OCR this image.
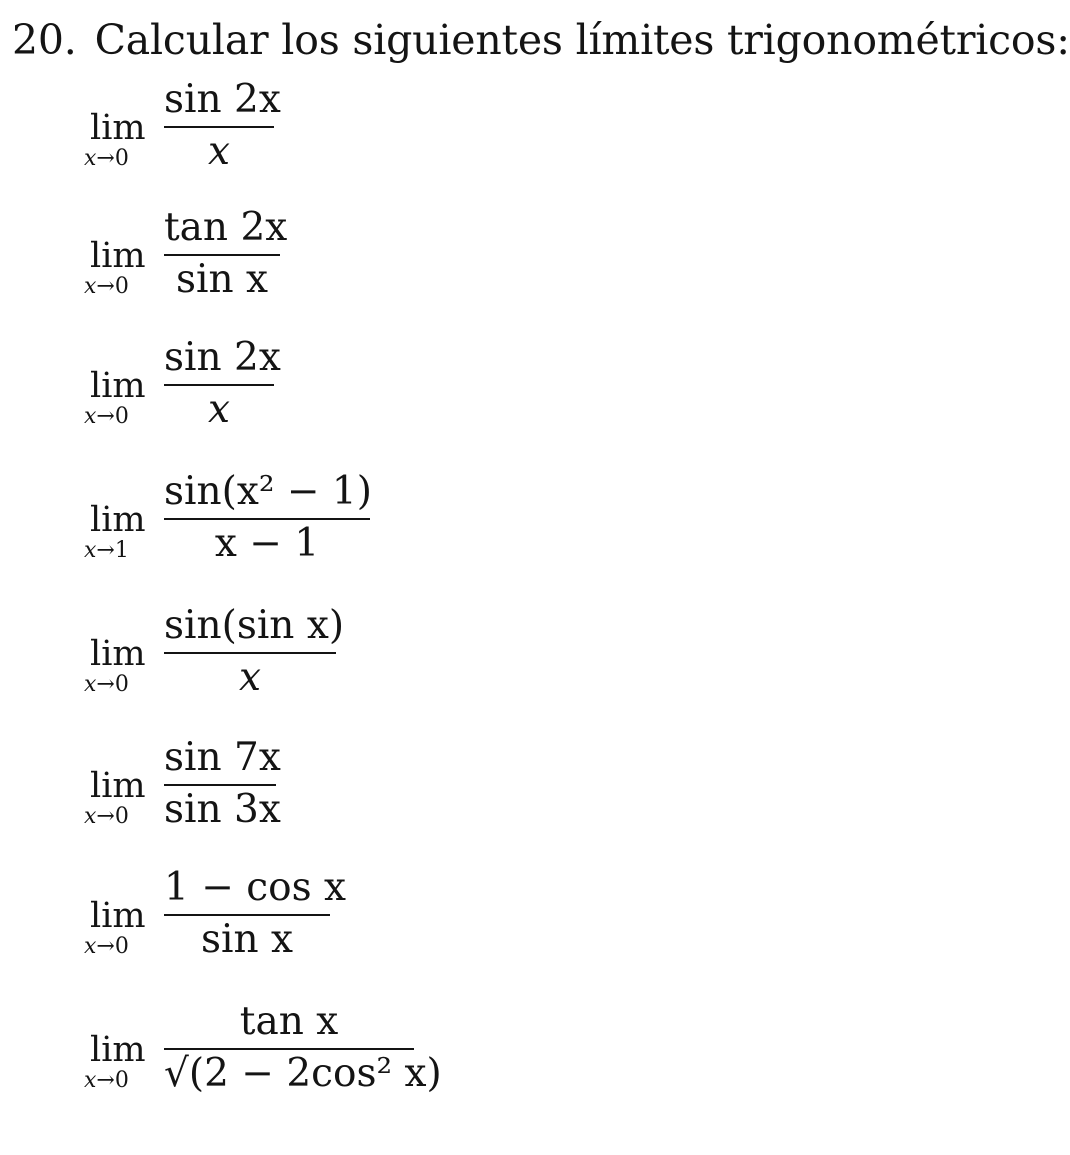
20. Calcular los siguientes límites trigonométricos:
lim
x→0
sin 2x
x
lim
x→0
tan 2x
sin x
lim
x→0
sin 2x
x
lim
x→1
sin(x² − 1)
x − 1
lim
x→0
sin(sin x)
x
lim
x→0
sin 7x
sin 3x
lim
x→0
1 − cos x
sin x
lim
x→0
tan x
√(2 − 2cos² x)
